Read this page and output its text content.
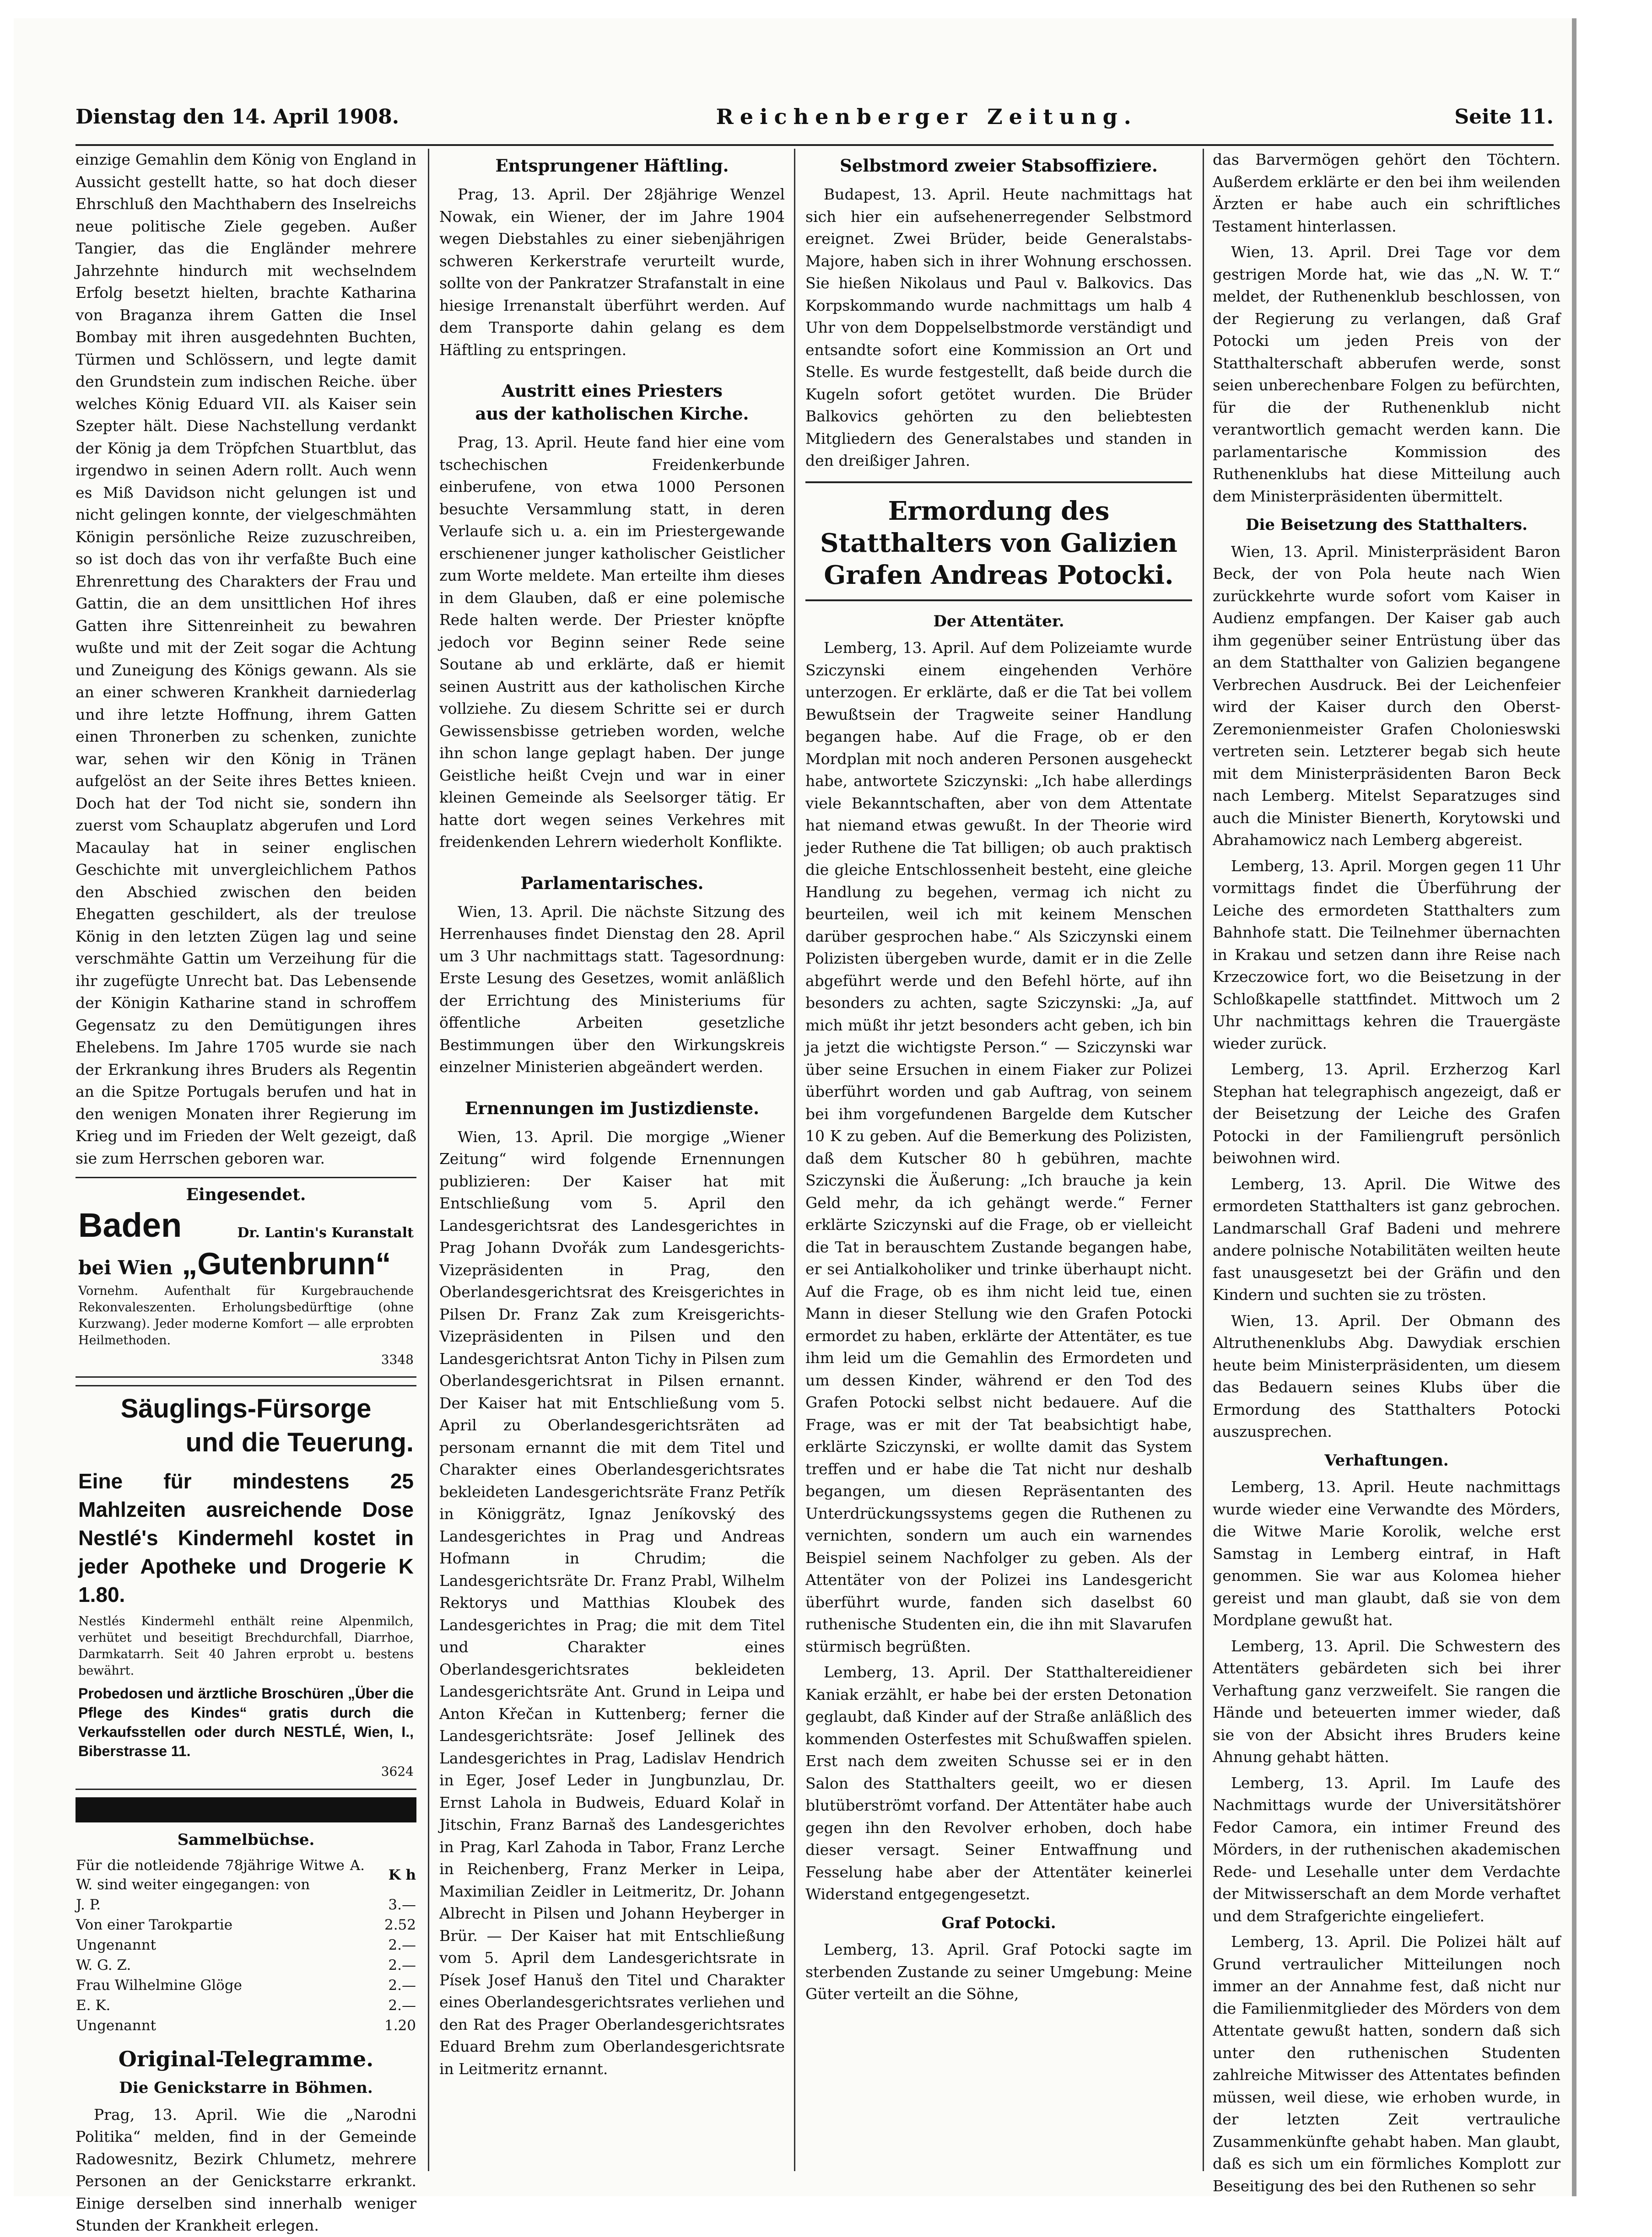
Dienstag den 14. April 1908.	Reichenberger Zeitung.	Seite 11.

einzige Gemahlin dem König von England in Aussicht gestellt hatte, so hat doch dieser Ehrschluß den Machthabern des Inselreichs neue politische Ziele gegeben. Außer Tangier, das die Engländer mehrere Jahrzehnte hindurch mit wechselndem Erfolg besetzt hielten, brachte Katharina von Braganza ihrem Gatten die Insel Bombay mit ihren ausgedehnten Buchten, Türmen und Schlössern, und legte damit den Grundstein zum indischen Reiche. über welches König Eduard VII. als Kaiser sein Szepter hält. Diese Nachstellung verdankt der König ja dem Tröpfchen Stuartblut, das irgendwo in seinen Adern rollt. Auch wenn es Miß Davidson nicht gelungen ist und nicht gelingen konnte, der vielgeschmähten Königin persönliche Reize zuzuschreiben, so ist doch das von ihr verfaßte Buch eine Ehrenrettung des Charakters der Frau und Gattin, die an dem unsittlichen Hof ihres Gatten ihre Sittenreinheit zu bewahren wußte und mit der Zeit sogar die Achtung und Zuneigung des Königs gewann. Als sie an einer schweren Krankheit darniederlag und ihre letzte Hoffnung, ihrem Gatten einen Thronerben zu schenken, zunichte war, sehen wir den König in Tränen aufgelöst an der Seite ihres Bettes knieen. Doch hat der Tod nicht sie, sondern ihn zuerst vom Schauplatz abgerufen und Lord Macaulay hat in seiner englischen Geschichte mit unvergleichlichem Pathos den Abschied zwischen den beiden Ehegatten geschildert, als der treulose König in den letzten Zügen lag und seine verschmähte Gattin um Verzeihung für die ihr zugefügte Unrecht bat. Das Lebensende der Königin Katharine stand in schroffem Gegensatz zu den Demütigungen ihres Ehelebens. Im Jahre 1705 wurde sie nach der Erkrankung ihres Bruders als Regentin an die Spitze Portugals berufen und hat in den wenigen Monaten ihrer Regierung im Krieg und im Frieden der Welt gezeigt, daß sie zum Herrschen geboren war.

Eingesendet.
Baden	Dr. Lantin's Kuranstalt
bei Wien „Gutenbrunn“
Vornehm. Aufenthalt für Kurgebrauchende Rekonvaleszenten. Erholungsbedürftige (ohne Kurzwang). Jeder moderne Komfort — alle erprobten Heilmethoden.
3348
Säuglings-Fürsorge
und die Teuerung.
Eine für mindestens 25 Mahlzeiten ausreichende Dose Nestlé's Kindermehl kostet in jeder Apotheke und Drogerie K 1.80.
Nestlés Kindermehl enthält reine Alpenmilch, verhütet und beseitigt Brechdurchfall, Diarrhoe, Darmkatarrh. Seit 40 Jahren erprobt u. bestens bewährt.
Probedosen und ärztliche Broschüren „Über die Pflege des Kindes“ gratis durch die Verkaufsstellen oder durch NESTLÉ, Wien, I., Biberstrasse 11.
3624
Sammelbüchse.
Für die notleidende 78jährige Witwe A. W. sind weiter eingegangen: von	K h
J. P.	3.—
Von einer Tarokpartie	2.52
Ungenannt	2.—
W. G. Z.	2.—
Frau Wilhelmine Glöge	2.—
E. K.	2.—
Ungenannt	1.20
Original-Telegramme.
Die Genickstarre in Böhmen.

Prag, 13. April. Wie die „Narodni Politika“ melden, find in der Gemeinde Radowesnitz, Bezirk Chlumetz, mehrere Personen an der Genickstarre erkrankt. Einige derselben sind innerhalb weniger Stunden der Krankheit erlegen.

Entsprungener Häftling.

Prag, 13. April. Der 28jährige Wenzel Nowak, ein Wiener, der im Jahre 1904 wegen Diebstahles zu einer siebenjährigen schweren Kerkerstrafe verurteilt wurde, sollte von der Pankratzer Strafanstalt in eine hiesige Irrenanstalt überführt werden. Auf dem Transporte dahin gelang es dem Häftling zu entspringen.

Austritt eines Priesters
aus der katholischen Kirche.

Prag, 13. April. Heute fand hier eine vom tschechischen Freidenkerbunde einberufene, von etwa 1000 Personen besuchte Versammlung statt, in deren Verlaufe sich u. a. ein im Priestergewande erschienener junger katholischer Geistlicher zum Worte meldete. Man erteilte ihm dieses in dem Glauben, daß er eine polemische Rede halten werde. Der Priester knöpfte jedoch vor Beginn seiner Rede seine Soutane ab und erklärte, daß er hiemit seinen Austritt aus der katholischen Kirche vollziehe. Zu diesem Schritte sei er durch Gewissensbisse getrieben worden, welche ihn schon lange geplagt haben. Der junge Geistliche heißt Cvejn und war in einer kleinen Gemeinde als Seelsorger tätig. Er hatte dort wegen seines Verkehres mit freidenkenden Lehrern wiederholt Konflikte.

Parlamentarisches.

Wien, 13. April. Die nächste Sitzung des Herrenhauses findet Dienstag den 28. April um 3 Uhr nachmittags statt. Tagesordnung: Erste Lesung des Gesetzes, womit anläßlich der Errichtung des Ministeriums für öffentliche Arbeiten gesetzliche Bestimmungen über den Wirkungskreis einzelner Ministerien abgeändert werden.

Ernennungen im Justizdienste.

Wien, 13. April. Die morgige „Wiener Zeitung“ wird folgende Ernennungen publizieren: Der Kaiser hat mit Entschließung vom 5. April den Landesgerichtsrat des Landesgerichtes in Prag Johann Dvořák zum Landesgerichts-Vizepräsidenten in Prag, den Oberlandesgerichtsrat des Kreisgerichtes in Pilsen Dr. Franz Zak zum Kreisgerichts-Vizepräsidenten in Pilsen und den Landesgerichtsrat Anton Tichy in Pilsen zum Oberlandesgerichtsrat in Pilsen ernannt. Der Kaiser hat mit Entschließung vom 5. April zu Oberlandesgerichtsräten ad personam ernannt die mit dem Titel und Charakter eines Oberlandesgerichtsrates bekleideten Landesgerichtsräte Franz Petřík in Königgrätz, Ignaz Jeníkovský des Landesgerichtes in Prag und Andreas Hofmann in Chrudim; die Landesgerichtsräte Dr. Franz Prabl, Wilhelm Rektorys und Matthias Kloubek des Landesgerichtes in Prag; die mit dem Titel und Charakter eines Oberlandesgerichtsrates bekleideten Landesgerichtsräte Ant. Grund in Leipa und Anton Křečan in Kuttenberg; ferner die Landesgerichtsräte: Josef Jellinek des Landesgerichtes in Prag, Ladislav Hendrich in Eger, Josef Leder in Jungbunzlau, Dr. Ernst Lahola in Budweis, Eduard Kolař in Jitschin, Franz Barnaš des Landesgerichtes in Prag, Karl Zahoda in Tabor, Franz Lerche in Reichenberg, Franz Merker in Leipa, Maximilian Zeidler in Leitmeritz, Dr. Johann Albrecht in Pilsen und Johann Heyberger in Brür. — Der Kaiser hat mit Entschließung vom 5. April dem Landesgerichtsrate in Písek Josef Hanuš den Titel und Charakter eines Oberlandesgerichtsrates verliehen und den Rat des Prager Oberlandesgerichtsrates Eduard Brehm zum Oberlandesgerichtsrate in Leitmeritz ernannt.

Selbstmord zweier Stabsoffiziere.

Budapest, 13. April. Heute nachmittags hat sich hier ein aufsehenerregender Selbstmord ereignet. Zwei Brüder, beide Generalstabs-Majore, haben sich in ihrer Wohnung erschossen. Sie hießen Nikolaus und Paul v. Balkovics. Das Korpskommando wurde nachmittags um halb 4 Uhr von dem Doppelselbstmorde verständigt und entsandte sofort eine Kommission an Ort und Stelle. Es wurde festgestellt, daß beide durch die Kugeln sofort getötet wurden. Die Brüder Balkovics gehörten zu den beliebtesten Mitgliedern des Generalstabes und standen in den dreißiger Jahren.

Ermordung des Statthalters von Galizien Grafen Andreas Potocki.
Der Attentäter.

Lemberg, 13. April. Auf dem Polizeiamte wurde Sziczynski einem eingehenden Verhöre unterzogen. Er erklärte, daß er die Tat bei vollem Bewußtsein der Tragweite seiner Handlung begangen habe. Auf die Frage, ob er den Mordplan mit noch anderen Personen ausgeheckt habe, antwortete Sziczynski: „Ich habe allerdings viele Bekanntschaften, aber von dem Attentate hat niemand etwas gewußt. In der Theorie wird jeder Ruthene die Tat billigen; ob auch praktisch die gleiche Entschlossenheit besteht, eine gleiche Handlung zu begehen, vermag ich nicht zu beurteilen, weil ich mit keinem Menschen darüber gesprochen habe.“ Als Sziczynski einem Polizisten übergeben wurde, damit er in die Zelle abgeführt werde und den Befehl hörte, auf ihn besonders zu achten, sagte Sziczynski: „Ja, auf mich müßt ihr jetzt besonders acht geben, ich bin ja jetzt die wichtigste Person.“ — Sziczynski war über seine Ersuchen in einem Fiaker zur Polizei überführt worden und gab Auftrag, von seinem bei ihm vorgefundenen Bargelde dem Kutscher 10 K zu geben. Auf die Bemerkung des Polizisten, daß dem Kutscher 80 h gebühren, machte Sziczynski die Äußerung: „Ich brauche ja kein Geld mehr, da ich gehängt werde.“ Ferner erklärte Sziczynski auf die Frage, ob er vielleicht die Tat in berauschtem Zustande begangen habe, er sei Antialkoholiker und trinke überhaupt nicht. Auf die Frage, ob es ihm nicht leid tue, einen Mann in dieser Stellung wie den Grafen Potocki ermordet zu haben, erklärte der Attentäter, es tue ihm leid um die Gemahlin des Ermordeten und um dessen Kinder, während er den Tod des Grafen Potocki selbst nicht bedauere. Auf die Frage, was er mit der Tat beabsichtigt habe, erklärte Sziczynski, er wollte damit das System treffen und er habe die Tat nicht nur deshalb begangen, um diesen Repräsentanten des Unterdrückungssystems gegen die Ruthenen zu vernichten, sondern um auch ein warnendes Beispiel seinem Nachfolger zu geben. Als der Attentäter von der Polizei ins Landesgericht überführt wurde, fanden sich daselbst 60 ruthenische Studenten ein, die ihn mit Slavarufen stürmisch begrüßten.

Lemberg, 13. April. Der Statthaltereidiener Kaniak erzählt, er habe bei der ersten Detonation geglaubt, daß Kinder auf der Straße anläßlich des kommenden Osterfestes mit Schußwaffen spielen. Erst nach dem zweiten Schusse sei er in den Salon des Statthalters geeilt, wo er diesen blutüberströmt vorfand. Der Attentäter habe auch gegen ihn den Revolver erhoben, doch habe dieser versagt. Seiner Entwaffnung und Fesselung habe aber der Attentäter keinerlei Widerstand entgegengesetzt.

Graf Potocki.

Lemberg, 13. April. Graf Potocki sagte im sterbenden Zustande zu seiner Umgebung: Meine Güter verteilt an die Söhne,

das Barvermögen gehört den Töchtern. Außerdem erklärte er den bei ihm weilenden Ärzten er habe auch ein schriftliches Testament hinterlassen.

Wien, 13. April. Drei Tage vor dem gestrigen Morde hat, wie das „N. W. T.“ meldet, der Ruthenenklub beschlossen, von der Regierung zu verlangen, daß Graf Potocki um jeden Preis von der Statthalterschaft abberufen werde, sonst seien unberechenbare Folgen zu befürchten, für die der Ruthenenklub nicht verantwortlich gemacht werden kann. Die parlamentarische Kommission des Ruthenenklubs hat diese Mitteilung auch dem Ministerpräsidenten übermittelt.

Die Beisetzung des Statthalters.

Wien, 13. April. Ministerpräsident Baron Beck, der von Pola heute nach Wien zurückkehrte wurde sofort vom Kaiser in Audienz empfangen. Der Kaiser gab auch ihm gegenüber seiner Entrüstung über das an dem Statthalter von Galizien begangene Verbrechen Ausdruck. Bei der Leichenfeier wird der Kaiser durch den Oberst-Zeremonienmeister Grafen Cholonieswski vertreten sein. Letzterer begab sich heute mit dem Ministerpräsidenten Baron Beck nach Lemberg. Mitelst Separatzuges sind auch die Minister Bienerth, Korytowski und Abrahamowicz nach Lemberg abgereist.

Lemberg, 13. April. Morgen gegen 11 Uhr vormittags findet die Überführung der Leiche des ermordeten Statthalters zum Bahnhofe statt. Die Teilnehmer übernachten in Krakau und setzen dann ihre Reise nach Krzeczowice fort, wo die Beisetzung in der Schloßkapelle stattfindet. Mittwoch um 2 Uhr nachmittags kehren die Trauergäste wieder zurück.

Lemberg, 13. April. Erzherzog Karl Stephan hat telegraphisch angezeigt, daß er der Beisetzung der Leiche des Grafen Potocki in der Familiengruft persönlich beiwohnen wird.

Lemberg, 13. April. Die Witwe des ermordeten Statthalters ist ganz gebrochen. Landmarschall Graf Badeni und mehrere andere polnische Notabilitäten weilten heute fast unausgesetzt bei der Gräfin und den Kindern und suchten sie zu trösten.

Wien, 13. April. Der Obmann des Altruthenenklubs Abg. Dawydiak erschien heute beim Ministerpräsidenten, um diesem das Bedauern seines Klubs über die Ermordung des Statthalters Potocki auszusprechen.

Verhaftungen.

Lemberg, 13. April. Heute nachmittags wurde wieder eine Verwandte des Mörders, die Witwe Marie Korolik, welche erst Samstag in Lemberg eintraf, in Haft genommen. Sie war aus Kolomea hieher gereist und man glaubt, daß sie von dem Mordplane gewußt hat.

Lemberg, 13. April. Die Schwestern des Attentäters gebärdeten sich bei ihrer Verhaftung ganz verzweifelt. Sie rangen die Hände und beteuerten immer wieder, daß sie von der Absicht ihres Bruders keine Ahnung gehabt hätten.

Lemberg, 13. April. Im Laufe des Nachmittags wurde der Universitätshörer Fedor Camora, ein intimer Freund des Mörders, in der ruthenischen akademischen Rede- und Lesehalle unter dem Verdachte der Mitwisserschaft an dem Morde verhaftet und dem Strafgerichte eingeliefert.

Lemberg, 13. April. Die Polizei hält auf Grund vertraulicher Mitteilungen noch immer an der Annahme fest, daß nicht nur die Familienmitglieder des Mörders von dem Attentate gewußt hatten, sondern daß sich unter den ruthenischen Studenten zahlreiche Mitwisser des Attentates befinden müssen, weil diese, wie erhoben wurde, in der letzten Zeit vertrauliche Zusammenkünfte gehabt haben. Man glaubt, daß es sich um ein förmliches Komplott zur Beseitigung des bei den Ruthenen so sehr
